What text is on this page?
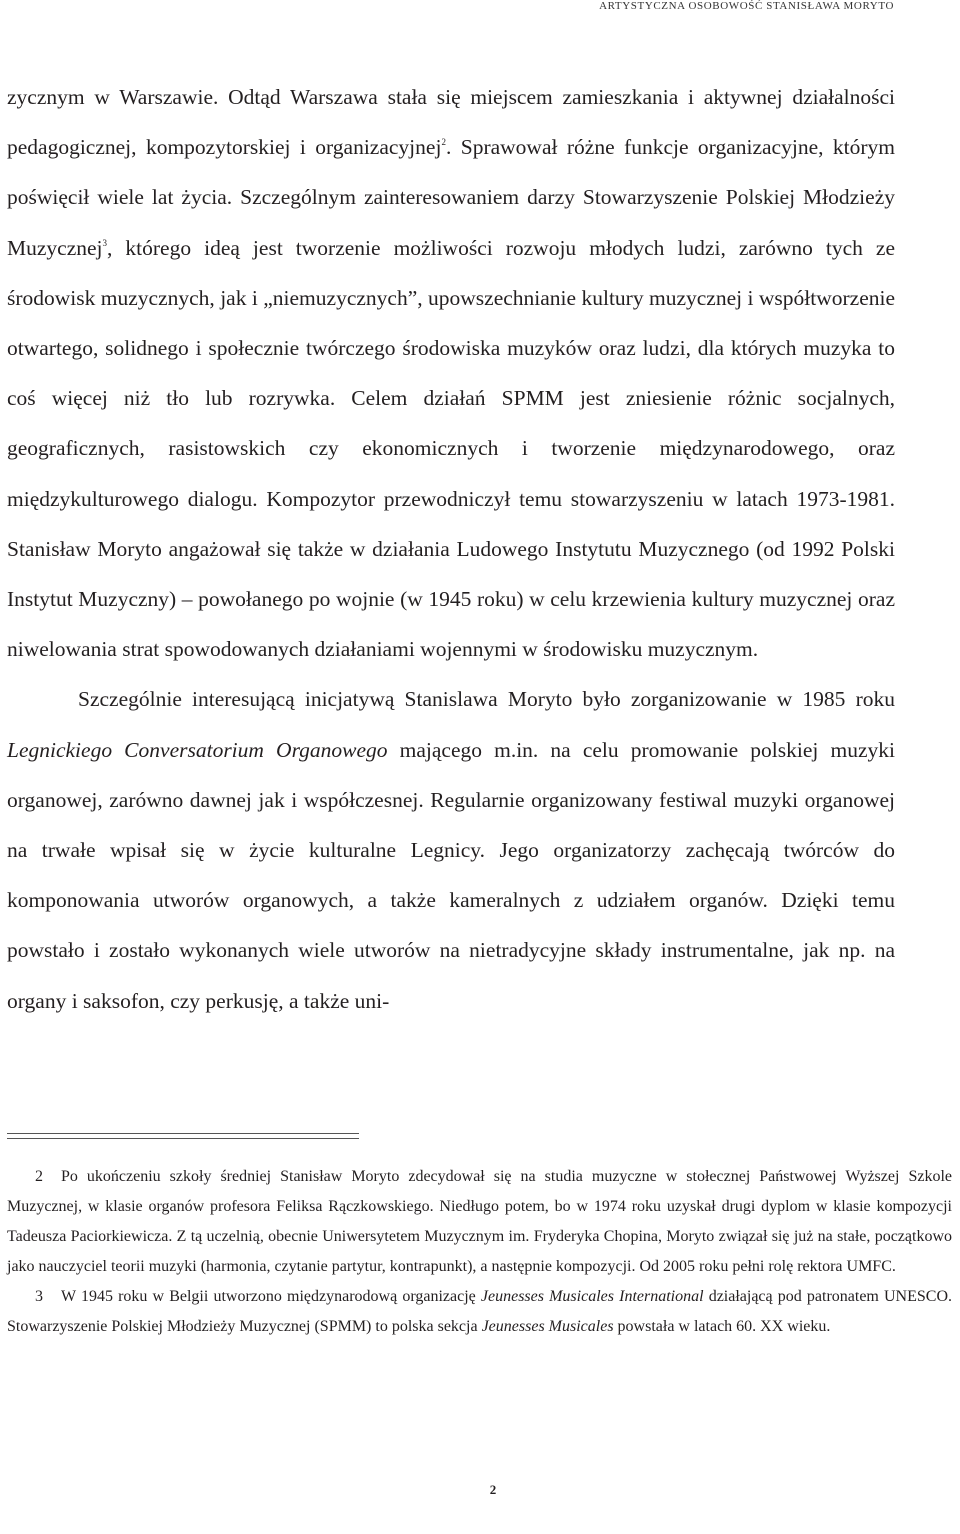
ARTYSTYCZNA OSOBOWOŚĆ STANISŁAWA MORYTO

zycznym w Warszawie. Odtąd Warszawa stała się miejscem zamieszkania i aktywnej działalności pedagogicznej, kompozytorskiej i organizacyjnej$^2$. Sprawował różne funkcje organizacyjne, którym poświęcił wiele lat życia. Szczególnym zainteresowaniem darzy Stowarzyszenie Polskiej Młodzieży Muzycznej$^3$, którego ideą jest tworzenie możliwości rozwoju młodych ludzi, zarówno tych ze środowisk muzycznych, jak i „niemuzycznych”, upowszechnianie kultury muzycznej i współtworzenie otwartego, solidnego i społecznie twórczego środowiska muzyków oraz ludzi, dla których muzyka to coś więcej niż tło lub rozrywka. Celem działań SPMM jest zniesienie różnic socjalnych, geograficznych, rasistowskich czy ekonomicznych i tworzenie międzynarodowego, oraz międzykulturowego dialogu. Kompozytor przewodniczył temu stowarzyszeniu w latach 1973-1981. Stanisław Moryto angażował się także w działania Ludowego Instytutu Muzycznego (od 1992 Polski Instytut Muzyczny) – powołanego po wojnie (w 1945 roku) w celu krzewienia kultury muzycznej oraz niwelowania strat spowodowanych działaniami wojennymi w środowisku muzycznym.

Szczególnie interesującą inicjatywą Stanislawa Moryto było zorganizowanie w 1985 roku Legnickiego Conversatorium Organowego mającego m.in. na celu promowanie polskiej muzyki organowej, zarówno dawnej jak i współczesnej. Regularnie organizowany festiwal muzyki organowej na trwałe wpisał się w życie kulturalne Legnicy. Jego organizatorzy zachęcają twórców do komponowania utworów organowych, a także kameralnych z udziałem organów. Dzięki temu powstało i zostało wykonanych wiele utworów na nietradycyjne składy instrumentalne, jak np. na organy i saksofon, czy perkusję, a także uni-

2 Po ukończeniu szkoły średniej Stanisław Moryto zdecydował się na studia muzyczne w stołecznej Państwowej Wyższej Szkole Muzycznej, w klasie organów profesora Feliksa Rączkowskiego. Niedługo potem, bo w 1974 roku uzyskał drugi dyplom w klasie kompozycji Tadeusza Paciorkiewicza. Z tą uczelnią, obecnie Uniwersytetem Muzycznym im. Fryderyka Chopina, Moryto związał się już na stałe, początkowo jako nauczyciel teorii muzyki (harmonia, czytanie partytur, kontrapunkt), a następnie kompozycji. Od 2005 roku pełni rolę rektora UMFC.

3 W 1945 roku w Belgii utworzono międzynarodową organizację Jeunesses Musicales International działającą pod patronatem UNESCO. Stowarzyszenie Polskiej Młodzieży Muzycznej (SPMM) to polska sekcja Jeunesses Musicales powstała w latach 60. XX wieku.

2
